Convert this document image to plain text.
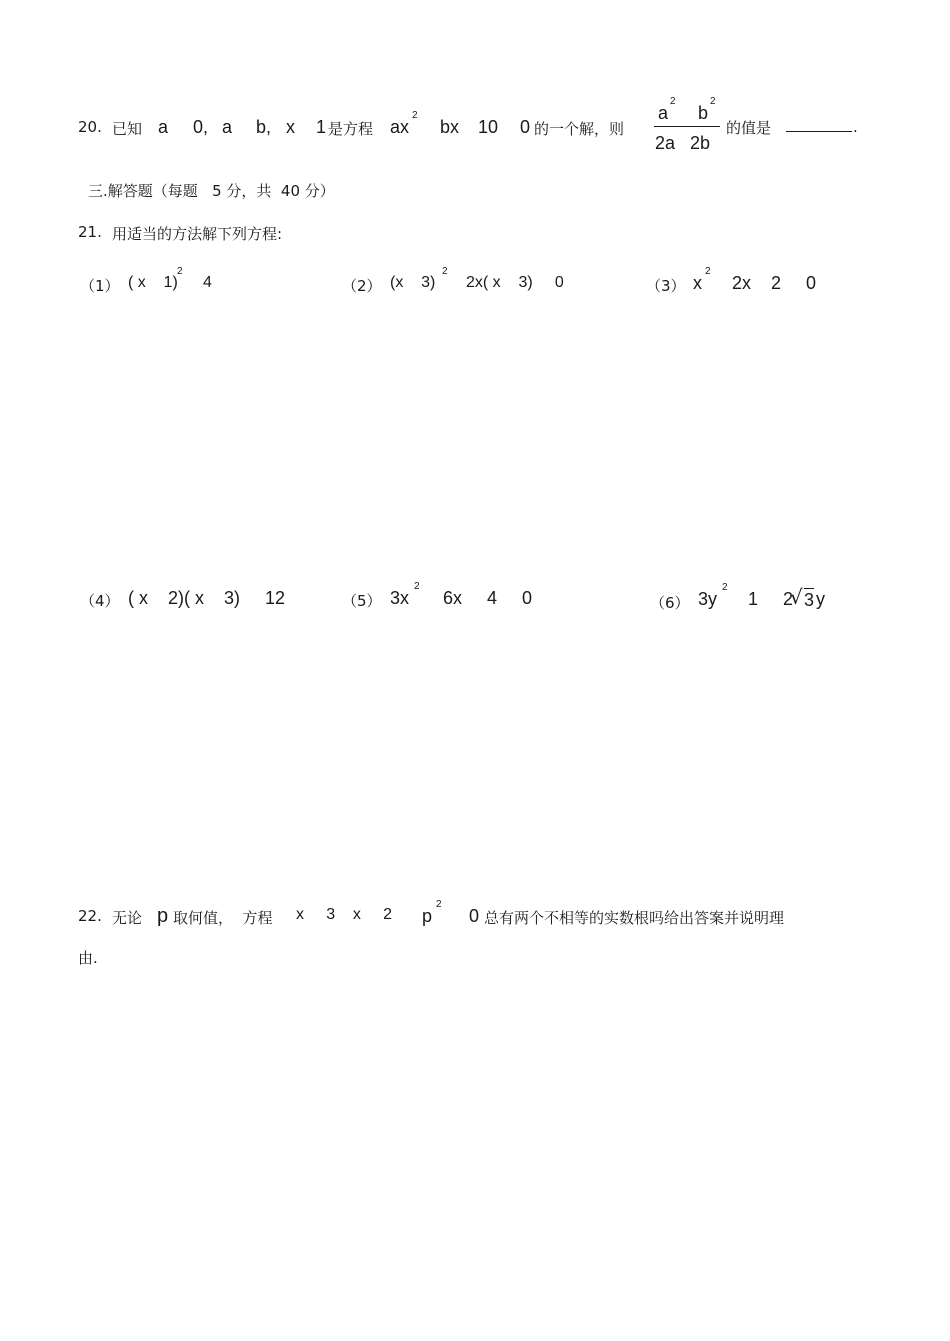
20. 已知 a 0, a b, x 1 是方程 ax
2
bx 10 0 的一个解，则
a
2
b
2
2a   2b
的值是	.
三.解答题（每题   5 分，共  40 分）
21. 用适当的方法解下列方程:
（1） ( x    1)
2
4	（2） (x    3)
2
2x( x    3)     0	（3） x
2
2x    2     0
（4） ( x    2)( x    3)     12	（5） 3x
2
6x     4     0	（6） 3y
2
1     2
√ 3 y
22. 无论 p 取何值，  方程 x     3    x     2 p
2
0 总有两个不相等的实数根吗给出答案并说明理
由.
